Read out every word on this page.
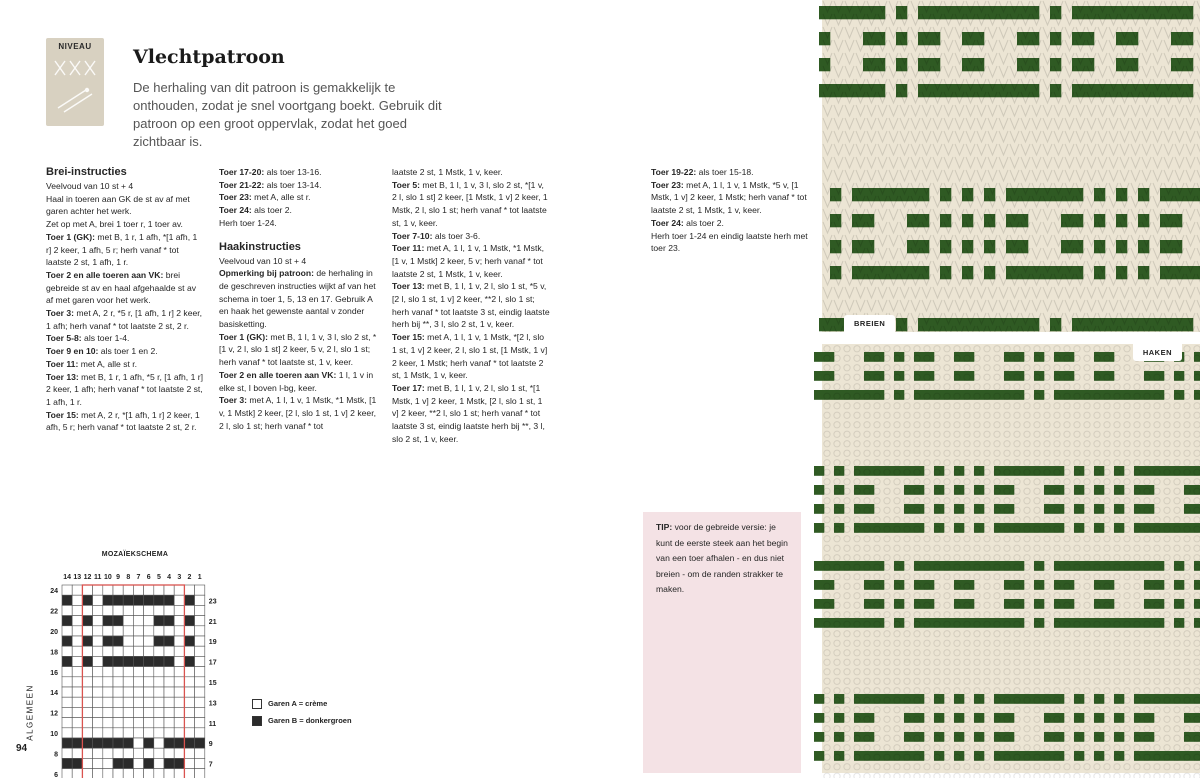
NIVEAU	Vlechtpatroon
De herhaling van dit patroon is gemakkelijk te onthouden, zodat je snel voortgang boekt. Gebruik dit patroon op een groot oppervlak, zodat het goed zichtbaar is.

Brei-instructies

Veelvoud van 10 st + 4

Haal in toeren aan GK de st av af met garen achter het werk.

Zet op met A, brei 1 toer r, 1 toer av.

Toer 1 (GK): met B, 1 r, 1 afh, *[1 afh, 1 r] 2 keer, 1 afh, 5 r; herh vanaf * tot laatste 2 st, 1 afh, 1 r.

Toer 2 en alle toeren aan VK: brei gebreide st av en haal afgehaalde st av af met garen voor het werk.

Toer 3: met A, 2 r, *5 r, [1 afh, 1 r] 2 keer, 1 afh; herh vanaf * tot laatste 2 st, 2 r.

Toer 5-8: als toer 1-4.

Toer 9 en 10: als toer 1 en 2.

Toer 11: met A, alle st r.

Toer 13: met B, 1 r, 1 afh, *5 r, [1 afh, 1 r] 2 keer, 1 afh; herh vanaf * tot laatste 2 st, 1 afh, 1 r.

Toer 15: met A, 2 r, *[1 afh, 1 r] 2 keer, 1 afh, 5 r; herh vanaf * tot laatste 2 st, 2 r.

Toer 17-20: als toer 13-16.

Toer 21-22: als toer 13-14.

Toer 23: met A, alle st r.

Toer 24: als toer 2.

Herh toer 1-24.

Haakinstructies

Veelvoud van 10 st + 4

Opmerking bij patroon: de herhaling in de geschreven instructies wijkt af van het schema in toer 1, 5, 13 en 17. Gebruik A en haak het gewenste aantal v zonder basisketting.

Toer 1 (GK): met B, 1 l, 1 v, 3 l, slo 2 st, *[1 v, 2 l, slo 1 st] 2 keer, 5 v, 2 l, slo 1 st; herh vanaf * tot laatste st, 1 v, keer.

Toer 2 en alle toeren aan VK: 1 l, 1 v in elke st, I boven l-bg, keer.

Toer 3: met A, 1 l, 1 v, 1 Mstk, *1 Mstk, [1 v, 1 Mstk] 2 keer, [2 l, slo 1 st, 1 v] 2 keer, 2 l, slo 1 st; herh vanaf * tot

laatste 2 st, 1 Mstk, 1 v, keer.

Toer 5: met B, 1 l, 1 v, 3 l, slo 2 st, *[1 v, 2 l, slo 1 st] 2 keer, [1 Mstk, 1 v] 2 keer, 1 Mstk, 2 l, slo 1 st; herh vanaf * tot laatste st, 1 v, keer.

Toer 7-10: als toer 3-6.

Toer 11: met A, 1 l, 1 v, 1 Mstk, *1 Mstk, [1 v, 1 Mstk] 2 keer, 5 v; herh vanaf * tot laatste 2 st, 1 Mstk, 1 v, keer.

Toer 13: met B, 1 l, 1 v, 2 l, slo 1 st, *5 v, [2 l, slo 1 st, 1 v] 2 keer, **2 l, slo 1 st; herh vanaf * tot laatste 3 st, eindig laatste herh bij **, 3 l, slo 2 st, 1 v, keer.

Toer 15: met A, 1 l, 1 v, 1 Mstk, *[2 l, slo 1 st, 1 v] 2 keer, 2 l, slo 1 st, [1 Mstk, 1 v] 2 keer, 1 Mstk; herh vanaf * tot laatste 2 st, 1 Mstk, 1 v, keer.

Toer 17: met B, 1 l, 1 v, 2 l, slo 1 st, *[1 Mstk, 1 v] 2 keer, 1 Mstk, [2 l, slo 1 st, 1 v] 2 keer, **2 l, slo 1 st; herh vanaf * tot laatste 3 st, eindig laatste herh bij **, 3 l, slo 2 st, 1 v, keer.

Toer 19-22: als toer 15-18.

Toer 23: met A, 1 l, 1 v, 1 Mstk, *5 v, [1 Mstk, 1 v] 2 keer, 1 Mstk; herh vanaf * tot laatste 2 st, 1 Mstk, 1 v, keer.

Toer 24: als toer 2.

Herh toer 1-24 en eindig laatste herh met toer 23.

MOZAÏEKSCHEMA
14 13 12 11 10 9 8 7 6 5 4 3 2 1
24
22
20
18
16
14
12
10
8
6
23
21
19
17
15
13
11
9
7
Garen A = crème
Garen B = donkergroen
ALGEMEEN
94
TIP: voor de gebreide versie: je kunt de eerste steek aan het begin van een toer afhalen - en dus niet breien - om de randen strakker te maken.
BREIEN
HAKEN
